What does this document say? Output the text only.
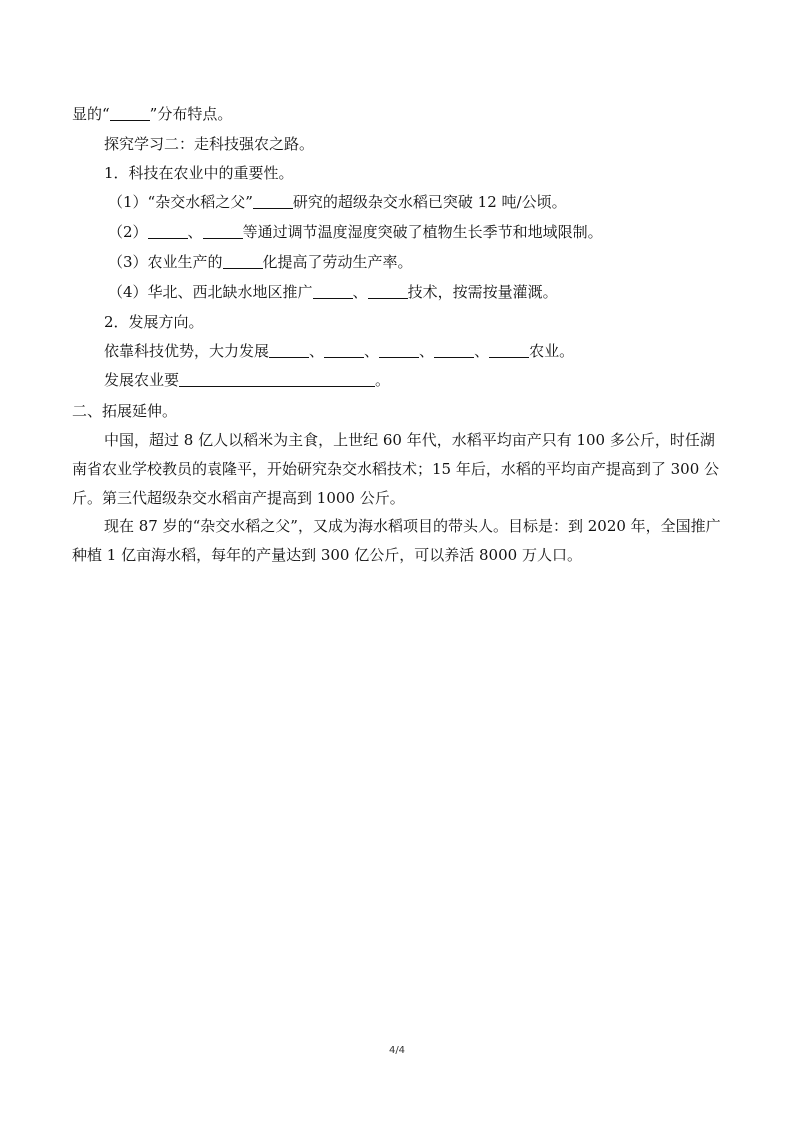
显的“	”分布特点。
探究学习二：走科技强农之路。
1．科技在农业中的重要性。
（1）“杂交水稻之父”	研究的超级杂交水稻已突破 12 吨/公顷。
（2）	、	等通过调节温度湿度突破了植物生长季节和地域限制。
（3）农业生产的	化提高了劳动生产率。
（4）华北、西北缺水地区推广	、	技术，按需按量灌溉。
2．发展方向。
依靠科技优势，大力发展	、	、	、	、	农业。
发展农业要	。
二、拓展延伸。
中国，超过 8 亿人以稻米为主食，上世纪 60 年代，水稻平均亩产只有 100 多公斤，时任湖南省农业学校教员的袁隆平，开始研究杂交水稻技术；15 年后，水稻的平均亩产提高到了 300 公斤。第三代超级杂交水稻亩产提高到 1000 公斤。
现在 87 岁的“杂交水稻之父”，又成为海水稻项目的带头人。目标是：到 2020 年，全国推广种植 1 亿亩海水稻，每年的产量达到 300 亿公斤，可以养活 8000 万人口。
4/4
